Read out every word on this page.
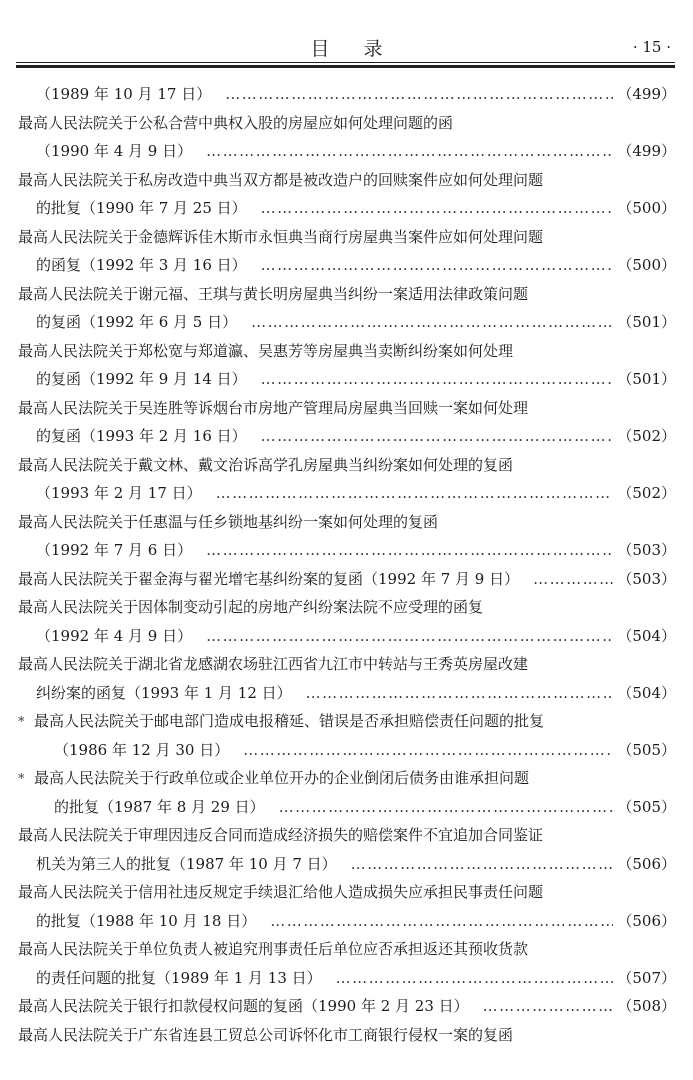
目录	· 15 ·
（1989 年 10 月 17 日） ……………………………………………………………………………………………………………………………………………………	（499）
最高人民法院关于公私合营中典权入股的房屋应如何处理问题的函
（1990 年 4 月 9 日） ……………………………………………………………………………………………………………………………………………………	（499）
最高人民法院关于私房改造中典当双方都是被改造户的回赎案件应如何处理问题
的批复（1990 年 7 月 25 日） ……………………………………………………………………………………………………………………………………………………	（500）
最高人民法院关于金德辉诉佳木斯市永恒典当商行房屋典当案件应如何处理问题
的函复（1992 年 3 月 16 日） ……………………………………………………………………………………………………………………………………………………	（500）
最高人民法院关于谢元福、王琪与黄长明房屋典当纠纷一案适用法律政策问题
的复函（1992 年 6 月 5 日） ……………………………………………………………………………………………………………………………………………………	（501）
最高人民法院关于郑松宽与郑道瀛、吴惠芳等房屋典当卖断纠纷案如何处理
的复函（1992 年 9 月 14 日） ……………………………………………………………………………………………………………………………………………………	（501）
最高人民法院关于吴连胜等诉烟台市房地产管理局房屋典当回赎一案如何处理
的复函（1993 年 2 月 16 日） ……………………………………………………………………………………………………………………………………………………	（502）
最高人民法院关于戴文林、戴文治诉高学孔房屋典当纠纷案如何处理的复函
（1993 年 2 月 17 日） ……………………………………………………………………………………………………………………………………………………	（502）
最高人民法院关于任惠温与任乡锁地基纠纷一案如何处理的复函
（1992 年 7 月 6 日） ……………………………………………………………………………………………………………………………………………………	（503）
最高人民法院关于翟金海与翟光增宅基纠纷案的复函（1992 年 7 月 9 日） ……………………………………………………………………………………………………………………………………………………	（503）
最高人民法院关于因体制变动引起的房地产纠纷案法院不应受理的函复
（1992 年 4 月 9 日） ……………………………………………………………………………………………………………………………………………………	（504）
最高人民法院关于湖北省龙感湖农场驻江西省九江市中转站与王秀英房屋改建
纠纷案的函复（1993 年 1 月 12 日） ……………………………………………………………………………………………………………………………………………………	（504）
* 最高人民法院关于邮电部门造成电报稽延、错误是否承担赔偿责任问题的批复
（1986 年 12 月 30 日） ……………………………………………………………………………………………………………………………………………………	（505）
* 最高人民法院关于行政单位或企业单位开办的企业倒闭后债务由谁承担问题
的批复（1987 年 8 月 29 日） ……………………………………………………………………………………………………………………………………………………	（505）
最高人民法院关于审理因违反合同而造成经济损失的赔偿案件不宜追加合同鉴证
机关为第三人的批复（1987 年 10 月 7 日） ……………………………………………………………………………………………………………………………………………………	（506）
最高人民法院关于信用社违反规定手续退汇给他人造成损失应承担民事责任问题
的批复（1988 年 10 月 18 日） ……………………………………………………………………………………………………………………………………………………	（506）
最高人民法院关于单位负责人被追究刑事责任后单位应否承担返还其预收货款
的责任问题的批复（1989 年 1 月 13 日） ……………………………………………………………………………………………………………………………………………………	（507）
最高人民法院关于银行扣款侵权问题的复函（1990 年 2 月 23 日） ……………………………………………………………………………………………………………………………………………………	（508）
最高人民法院关于广东省连县工贸总公司诉怀化市工商银行侵权一案的复函
